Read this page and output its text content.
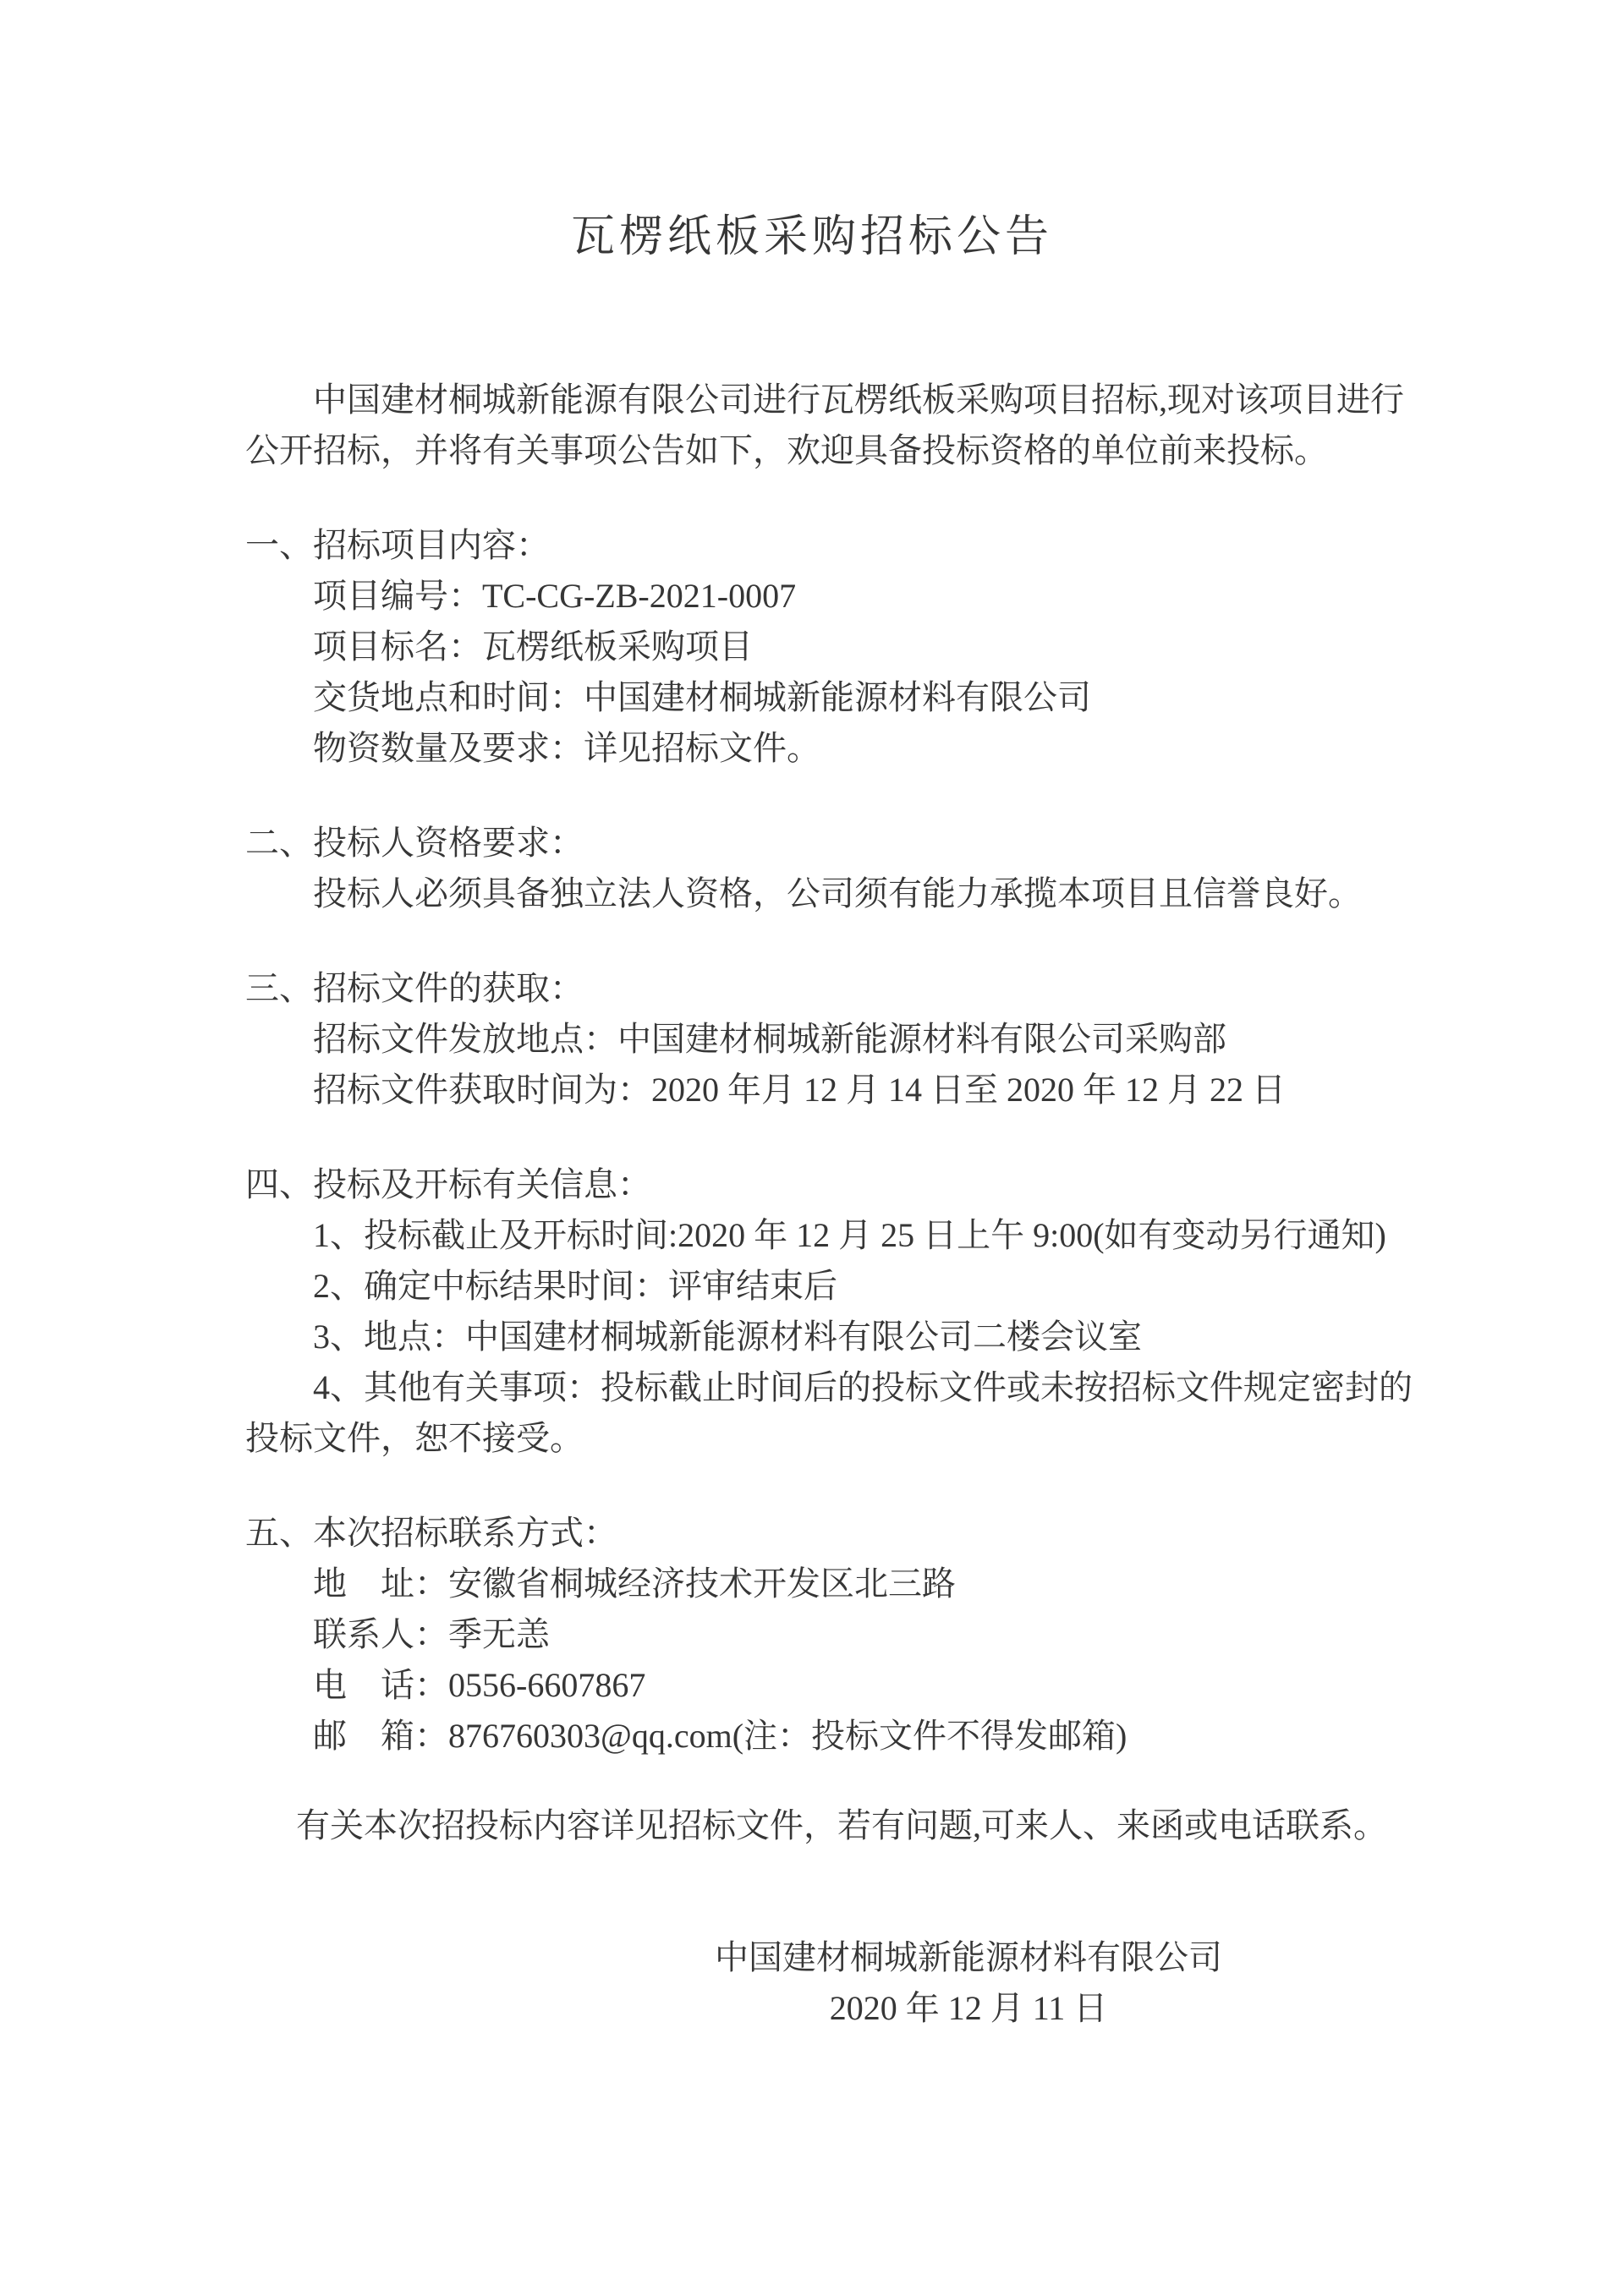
瓦楞纸板采购招标公告
中国建材桐城新能源有限公司进行瓦楞纸板采购项目招标,现对该项目进行
公开招标，并将有关事项公告如下，欢迎具备投标资格的单位前来投标。
一、招标项目内容：
项目编号：TC-CG-ZB-2021-0007
项目标名：瓦楞纸板采购项目
交货地点和时间：中国建材桐城新能源材料有限公司
物资数量及要求：详见招标文件。
二、投标人资格要求：
投标人必须具备独立法人资格，公司须有能力承揽本项目且信誉良好。
三、招标文件的获取：
招标文件发放地点：中国建材桐城新能源材料有限公司采购部
招标文件获取时间为：2020 年月 12 月 14 日至 2020 年 12 月 22 日
四、投标及开标有关信息：
1、投标截止及开标时间:2020 年 12 月 25 日上午 9:00(如有变动另行通知)
2、确定中标结果时间：评审结束后
3、地点：中国建材桐城新能源材料有限公司二楼会议室
4、其他有关事项：投标截止时间后的投标文件或未按招标文件规定密封的
投标文件，恕不接受。
五、本次招标联系方式：
地　址：安徽省桐城经济技术开发区北三路
联系人：季无恙
电　话：0556-6607867
邮　箱：876760303@qq.com(注：投标文件不得发邮箱)
有关本次招投标内容详见招标文件，若有问题,可来人、来函或电话联系。
中国建材桐城新能源材料有限公司
2020 年 12 月 11 日
